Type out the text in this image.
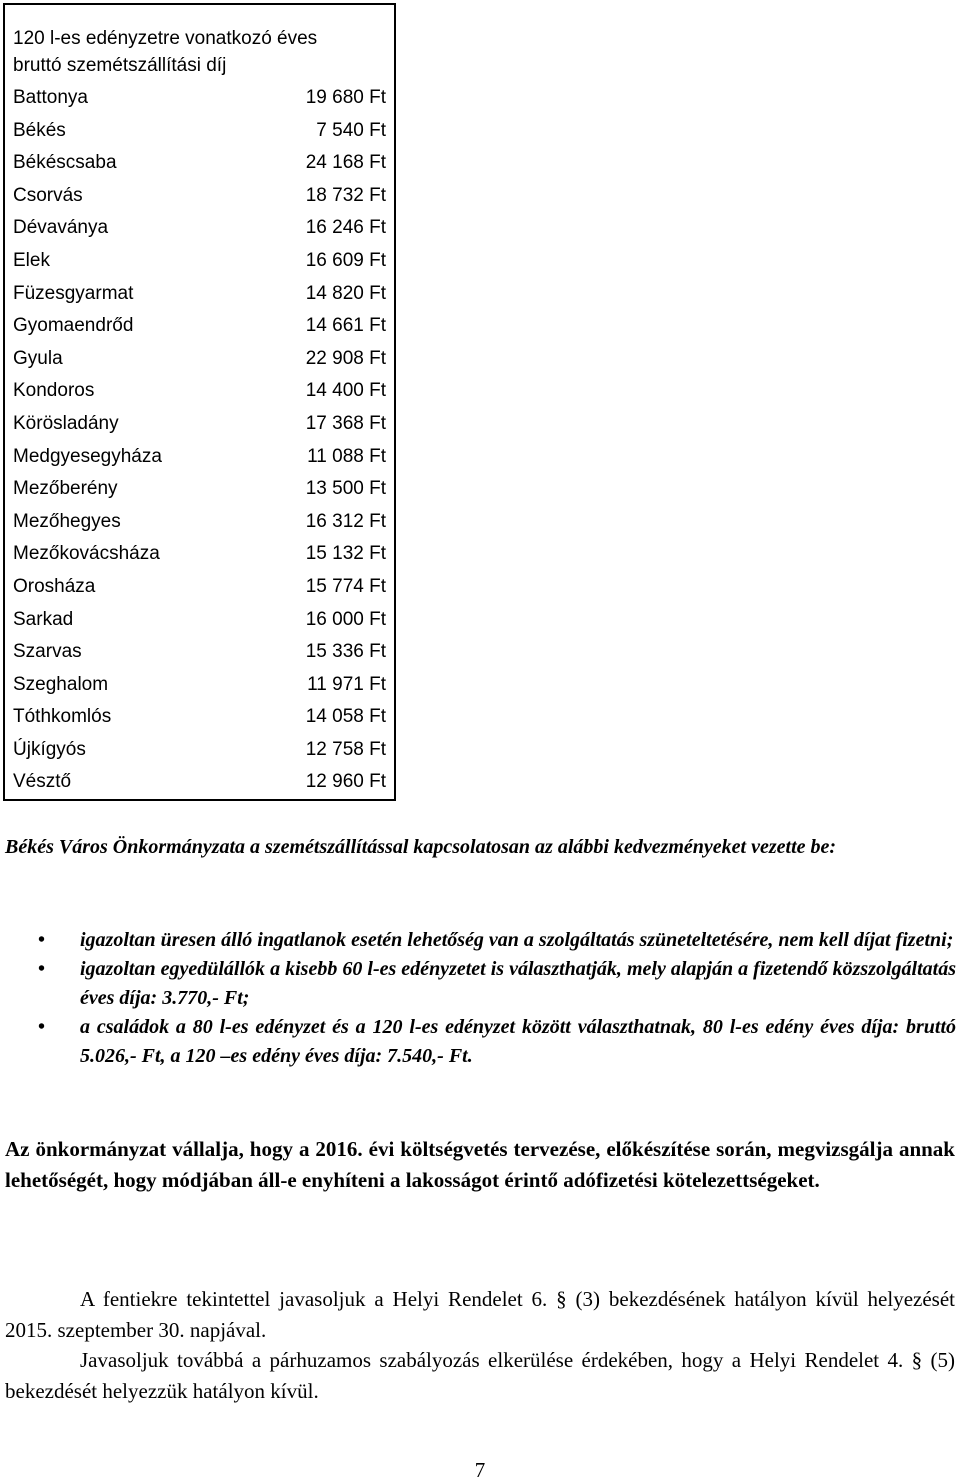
120 l-es edényzetre vonatkozó éves
bruttó szemétszállítási díj	

Battonya	19 680 Ft
Békés	7 540 Ft
Békéscsaba	24 168 Ft
Csorvás	18 732 Ft
Dévaványa	16 246 Ft
Elek	16 609 Ft
Füzesgyarmat	14 820 Ft
Gyomaendrőd	14 661 Ft
Gyula	22 908 Ft
Kondoros	14 400 Ft
Körösladány	17 368 Ft
Medgyesegyháza	11 088 Ft
Mezőberény	13 500 Ft
Mezőhegyes	16 312 Ft
Mezőkovácsháza	15 132 Ft
Orosháza	15 774 Ft
Sarkad	16 000 Ft
Szarvas	15 336 Ft
Szeghalom	11 971 Ft
Tóthkomlós	14 058 Ft
Újkígyós	12 758 Ft
Vésztő	12 960 Ft
Békés Város Önkormányzata a szemétszállítással kapcsolatosan az alábbi kedvezményeket vezette be:
• igazoltan üresen álló ingatlanok esetén lehetőség van a szolgáltatás szüneteltetésére, nem kell díjat fizetni;
• igazoltan egyedülállók a kisebb 60 l-es edényzetet is választhatják, mely alapján a fizetendő közszolgáltatás éves díja: 3.770,- Ft;
• a családok a 80 l-es edényzet és a 120 l-es edényzet között választhatnak, 80 l-es edény éves díja: bruttó 5.026,- Ft, a 120 –es edény éves díja: 7.540,- Ft.
Az önkormányzat vállalja, hogy a 2016. évi költségvetés tervezése, előkészítése során, megvizsgálja annak lehetőségét, hogy módjában áll-e enyhíteni a lakosságot érintő adófizetési kötelezettségeket.
A fentiekre tekintettel javasoljuk a Helyi Rendelet 6. § (3) bekezdésének hatályon kívül helyezését 2015. szeptember 30. napjával.
Javasoljuk továbbá a párhuzamos szabályozás elkerülése érdekében, hogy a Helyi Rendelet 4. § (5) bekezdését helyezzük hatályon kívül.
7
